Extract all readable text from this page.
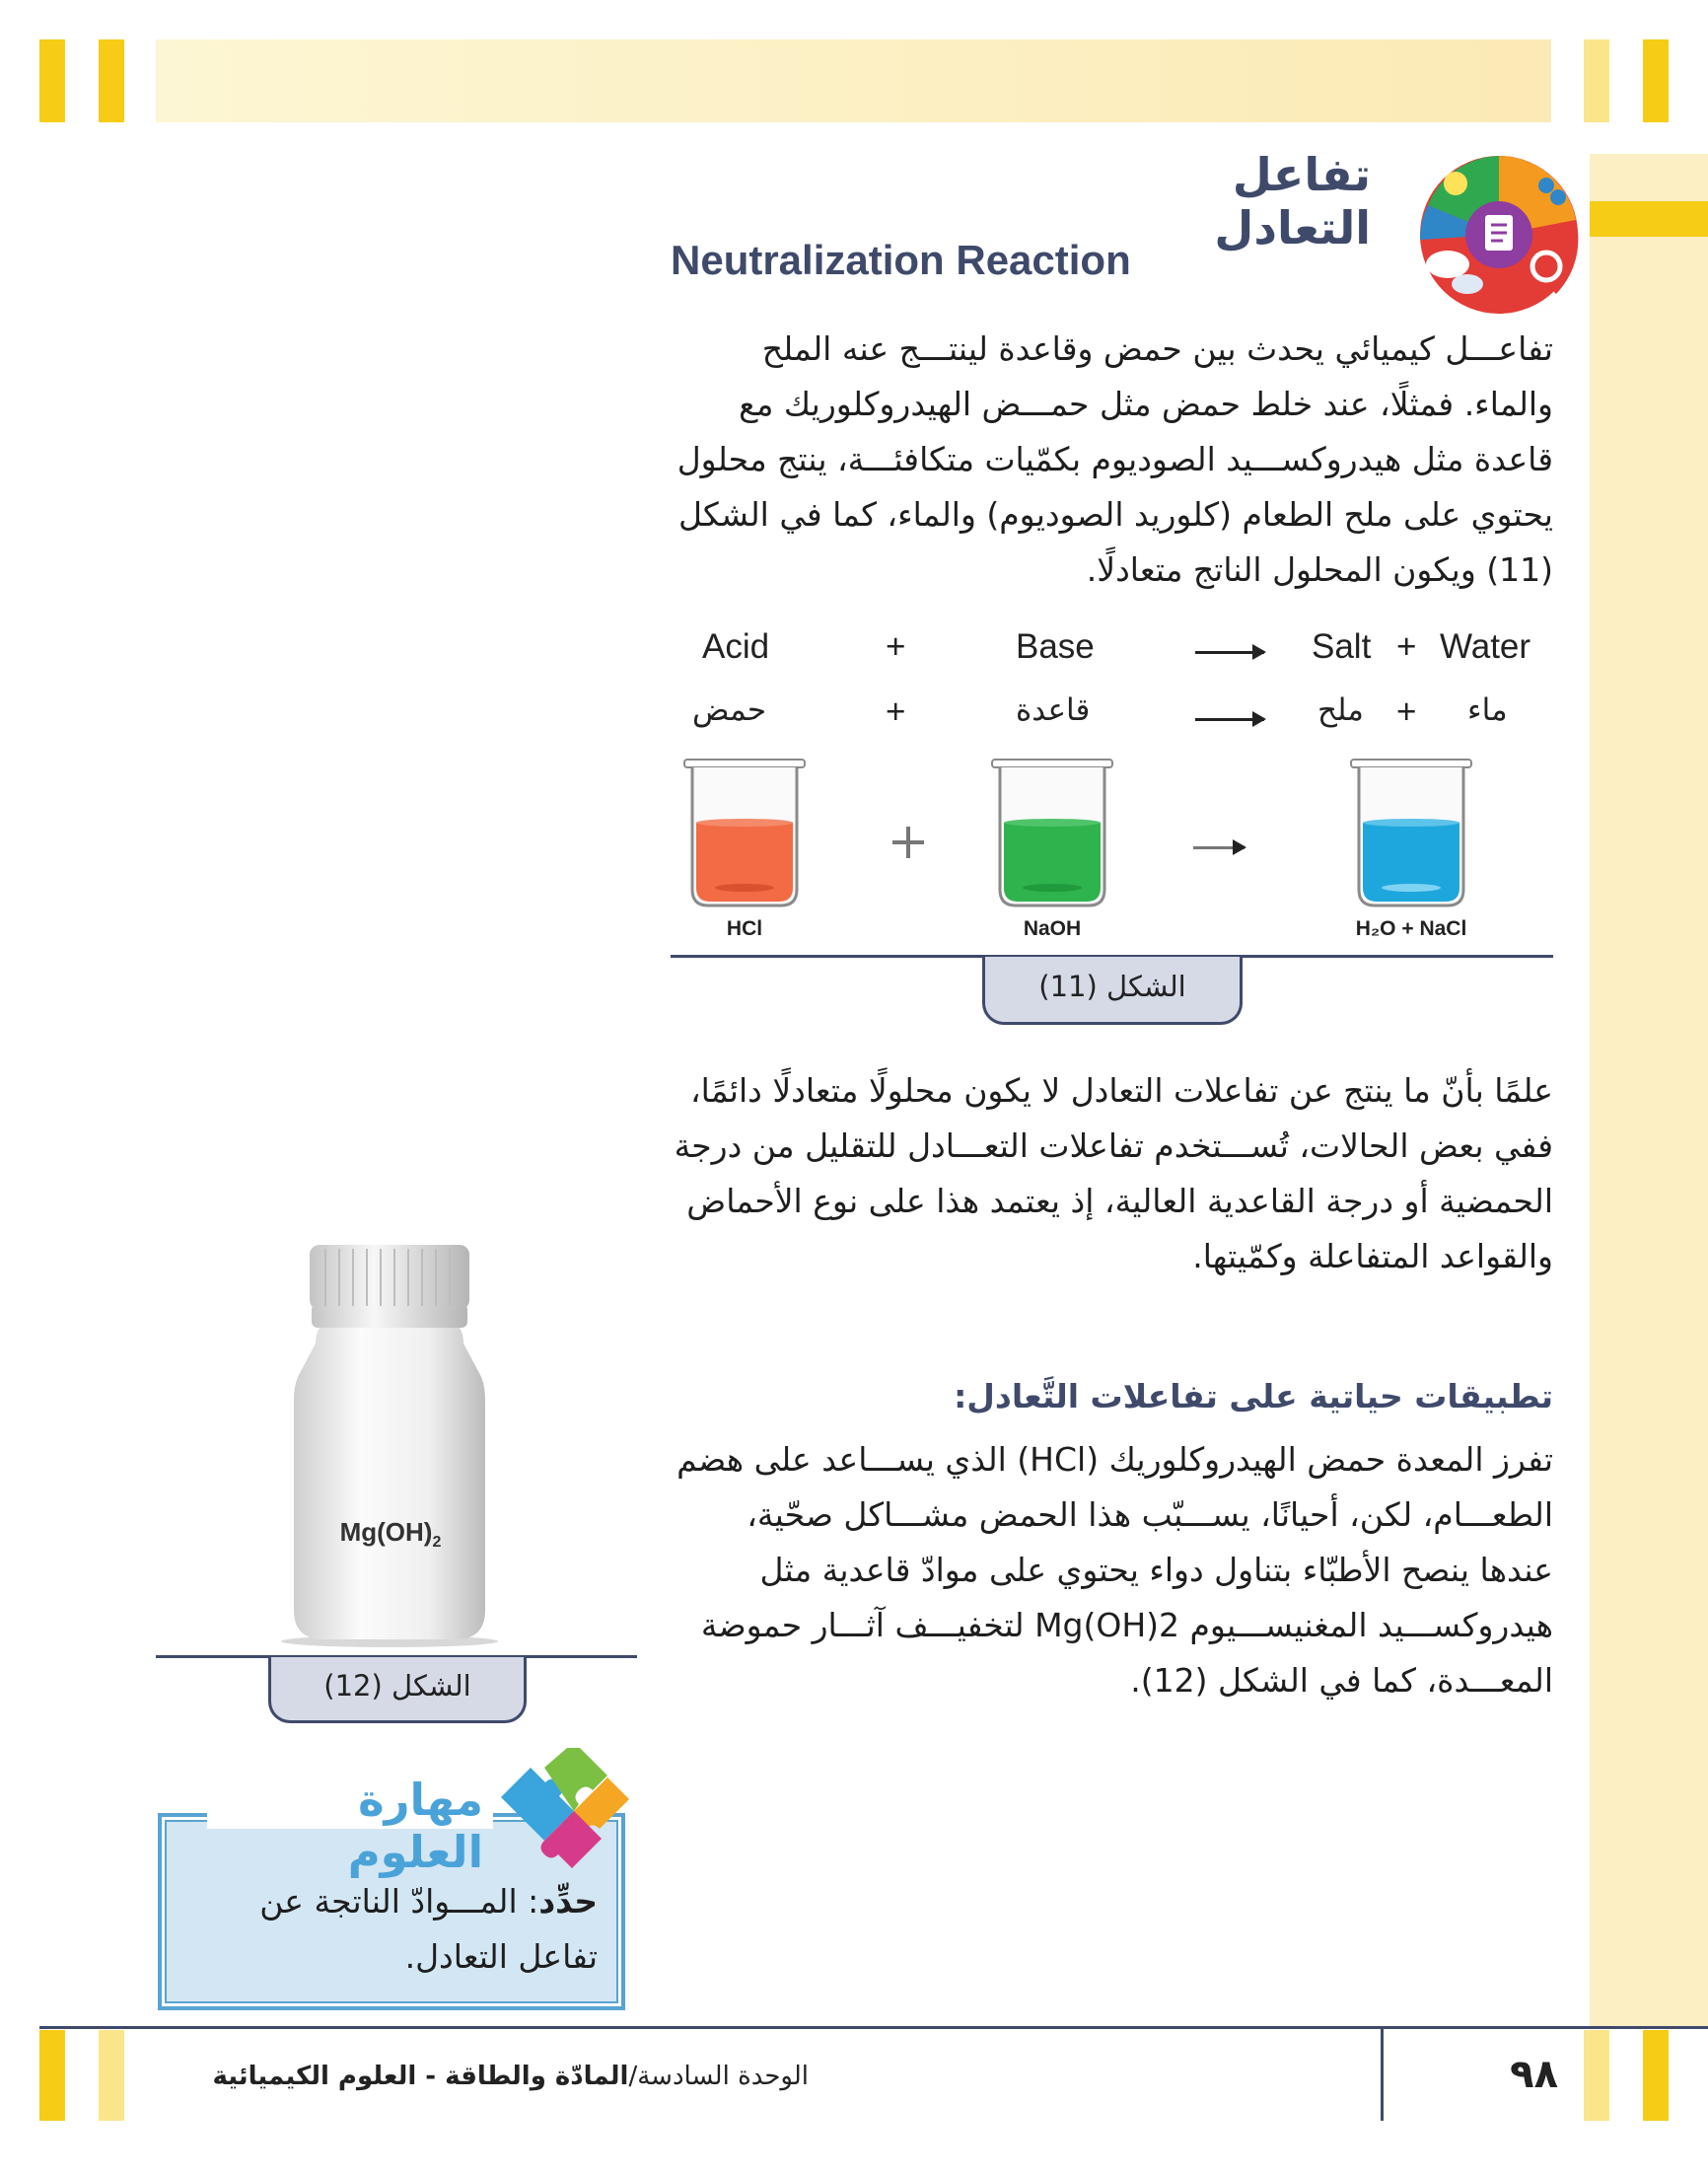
تفاعل التعادل
Neutralization Reaction
تفاعـــل كيميائي يحدث بين حمض وقاعدة لينتـــج عنه الملح والماء. فمثلًا، عند خلط حمض مثل حمـــض الهيدروكلوريك مع قاعدة مثل هيدروكســـيد الصوديوم بكمّيات متكافئـــة، ينتج محلول يحتوي على ملح الطعام (كلوريد الصوديوم) والماء، كما في الشكل (11) ويكون المحلول الناتج متعادلًا.
Acid	+	Base	Salt + Water
حمض	+	قاعدة	ملح + ماء
HCl	NaOH	H₂O + NaCl
الشكل (11)
علمًا بأنّ ما ينتج عن تفاعلات التعادل لا يكون محلولًا متعادلًا دائمًا، ففي بعض الحالات، تُســـتخدم تفاعلات التعـــادل للتقليل من درجة الحمضية أو درجة القاعدية العالية، إذ يعتمد هذا على نوع الأحماض والقواعد المتفاعلة وكمّيتها.
تطبيقات حياتية على تفاعلات التَّعادل:
تفرز المعدة حمض الهيدروكلوريك (HCl) الذي يســـاعد على هضم الطعـــام، لكن، أحيانًا، يســـبّب هذا الحمض مشـــاكل صحّية، عندها ينصح الأطبّاء بتناول دواء يحتوي على موادّ قاعدية مثل هيدروكســـيد المغنيســـيوم Mg(OH)2 لتخفيـــف آثـــار حموضة المعـــدة، كما في الشكل (12).
$Mg(OH)_2$
الشكل (12)
مهارة العلوم
حدِّد: المـــوادّ الناتجة عن تفاعل التعادل.
الوحدة السادسة/المادّة والطاقة - العلوم الكيميائية	٩٨
